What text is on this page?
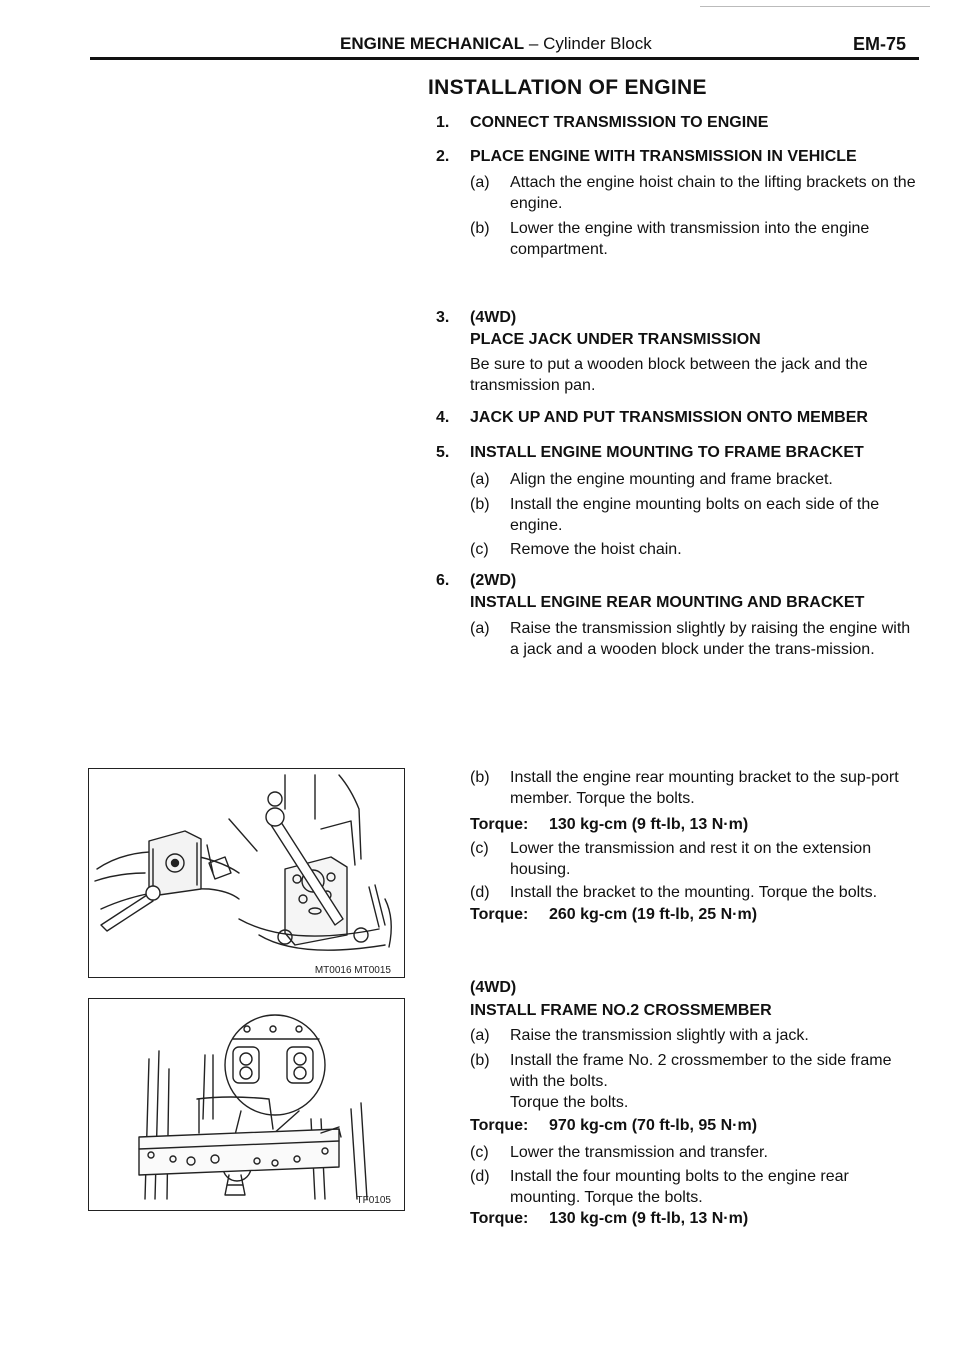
ENGINE MECHANICAL – Cylinder Block	EM-75
INSTALLATION OF ENGINE
1. CONNECT TRANSMISSION TO ENGINE
2. PLACE ENGINE WITH TRANSMISSION IN VEHICLE
(a) Attach the engine hoist chain to the lifting brackets on the engine.
(b) Lower the engine with transmission into the engine compartment.
3. (4WD)
PLACE JACK UNDER TRANSMISSION
Be sure to put a wooden block between the jack and the transmission pan.
4. JACK UP AND PUT TRANSMISSION ONTO MEMBER
5. INSTALL ENGINE MOUNTING TO FRAME BRACKET
(a) Align the engine mounting and frame bracket.
(b) Install the engine mounting bolts on each side of the engine.
(c) Remove the hoist chain.
6. (2WD)
INSTALL ENGINE REAR MOUNTING AND BRACKET
(a) Raise the transmission slightly by raising the engine with a jack and a wooden block under the trans-mission.
(b) Install the engine rear mounting bracket to the sup-port member. Torque the bolts.
Torque: 130 kg-cm (9 ft-lb, 13 N·m)
(c) Lower the transmission and rest it on the extension housing.
(d) Install the bracket to the mounting. Torque the bolts.
Torque: 260 kg-cm (19 ft-lb, 25 N·m)
(4WD)
INSTALL FRAME NO.2 CROSSMEMBER
(a) Raise the transmission slightly with a jack.
(b) Install the frame No. 2 crossmember to the side frame with the bolts.
Torque the bolts.
Torque: 970 kg-cm (70 ft-lb, 95 N·m)
(c) Lower the transmission and transfer.
(d) Install the four mounting bolts to the engine rear mounting. Torque the bolts.
Torque: 130 kg-cm (9 ft-lb, 13 N·m)
MT0016 MT0015
TF0105
